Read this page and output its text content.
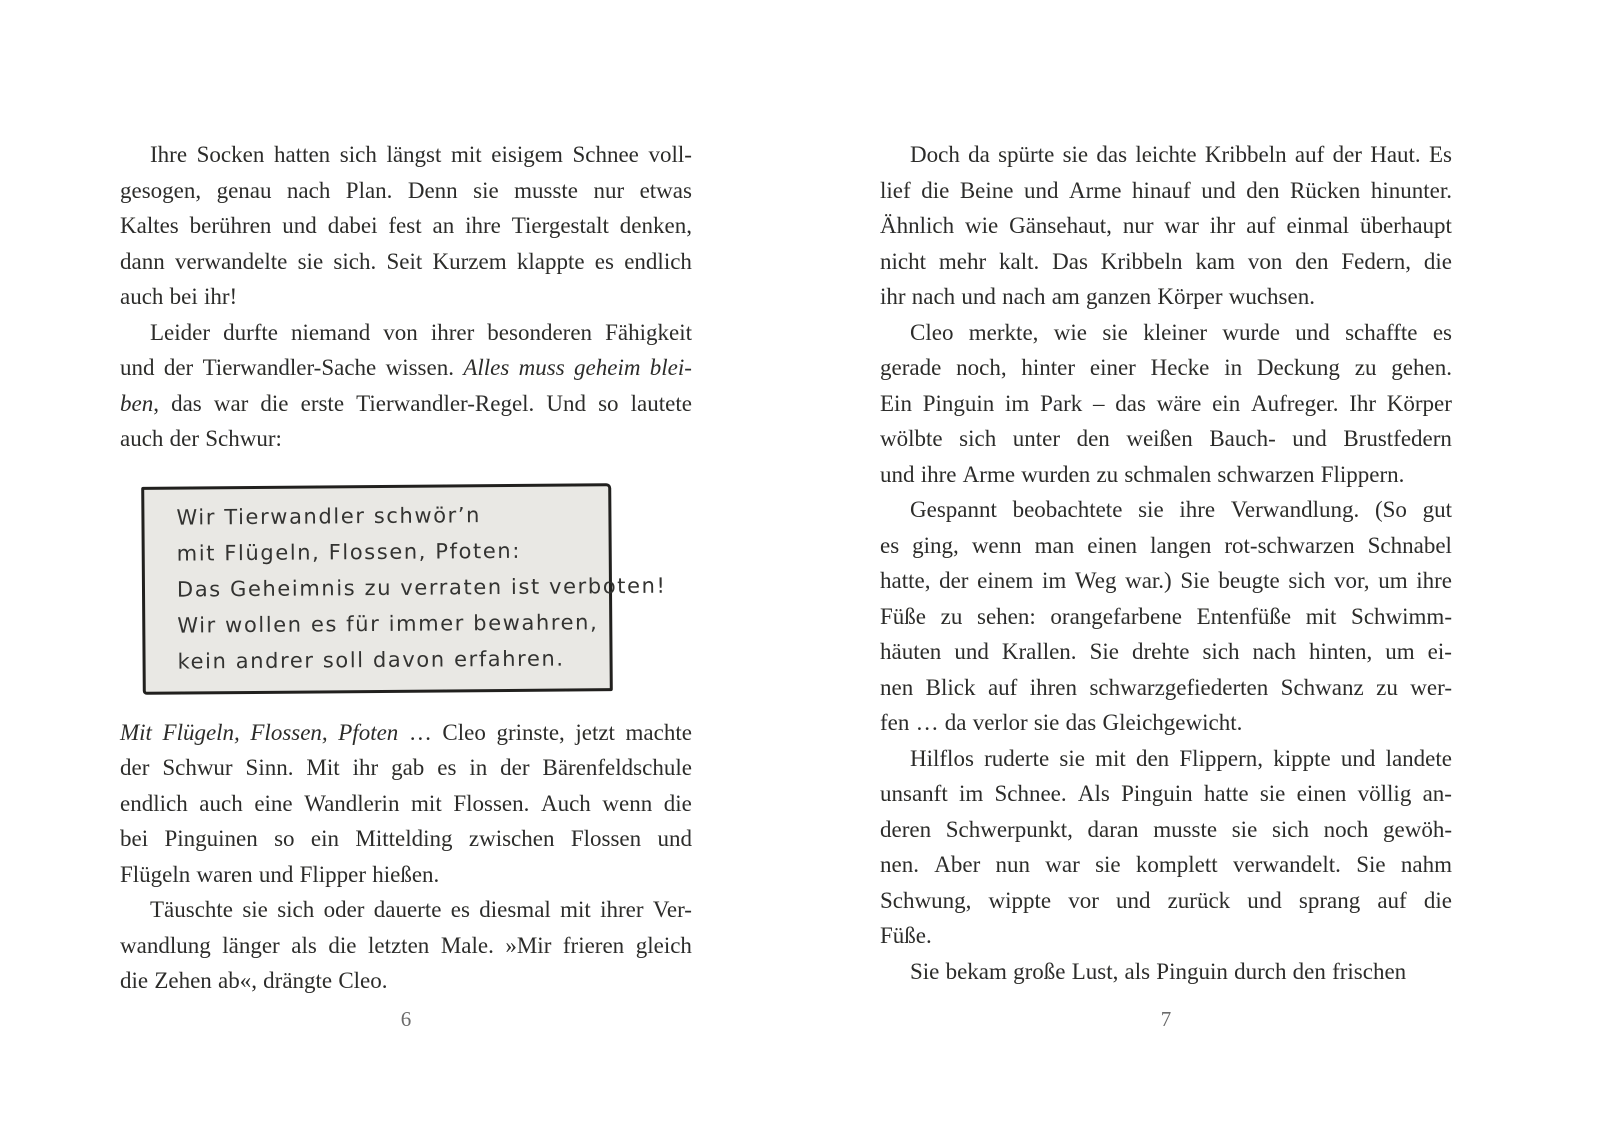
Ihre Socken hatten sich längst mit eisigem Schnee voll-
gesogen, genau nach Plan. Denn sie musste nur etwas
Kaltes berühren und dabei fest an ihre Tiergestalt denken,
dann verwandelte sie sich. Seit Kurzem klappte es endlich
auch bei ihr!
Leider durfte niemand von ihrer besonderen Fähigkeit
und der Tierwandler-Sache wissen. Alles muss geheim blei-
ben, das war die erste Tierwandler-Regel. Und so lautete
auch der Schwur:
Wir Tierwandler schwör’n
mit Flügeln, Flossen, Pfoten:
Das Geheimnis zu verraten ist verboten!
Wir wollen es für immer bewahren,
kein andrer soll davon erfahren.
Mit Flügeln, Flossen, Pfoten … Cleo grinste, jetzt machte
der Schwur Sinn. Mit ihr gab es in der Bärenfeldschule
endlich auch eine Wandlerin mit Flossen. Auch wenn die
bei Pinguinen so ein Mittelding zwischen Flossen und
Flügeln waren und Flipper hießen.
Täuschte sie sich oder dauerte es diesmal mit ihrer Ver-
wandlung länger als die letzten Male. »Mir frieren gleich
die Zehen ab«, drängte Cleo.
6
Doch da spürte sie das leichte Kribbeln auf der Haut. Es
lief die Beine und Arme hinauf und den Rücken hinunter.
Ähnlich wie Gänsehaut, nur war ihr auf einmal überhaupt
nicht mehr kalt. Das Kribbeln kam von den Federn, die
ihr nach und nach am ganzen Körper wuchsen.
Cleo merkte, wie sie kleiner wurde und schaffte es
gerade noch, hinter einer Hecke in Deckung zu gehen.
Ein Pinguin im Park – das wäre ein Aufreger. Ihr Körper
wölbte sich unter den weißen Bauch- und Brustfedern
und ihre Arme wurden zu schmalen schwarzen Flippern.
Gespannt beobachtete sie ihre Verwandlung. (So gut
es ging, wenn man einen langen rot-schwarzen Schnabel
hatte, der einem im Weg war.) Sie beugte sich vor, um ihre
Füße zu sehen: orangefarbene Entenfüße mit Schwimm-
häuten und Krallen. Sie drehte sich nach hinten, um ei-
nen Blick auf ihren schwarzgefiederten Schwanz zu wer-
fen … da verlor sie das Gleichgewicht.
Hilflos ruderte sie mit den Flippern, kippte und landete
unsanft im Schnee. Als Pinguin hatte sie einen völlig an-
deren Schwerpunkt, daran musste sie sich noch gewöh-
nen. Aber nun war sie komplett verwandelt. Sie nahm
Schwung, wippte vor und zurück und sprang auf die
Füße.
Sie bekam große Lust, als Pinguin durch den frischen
7
